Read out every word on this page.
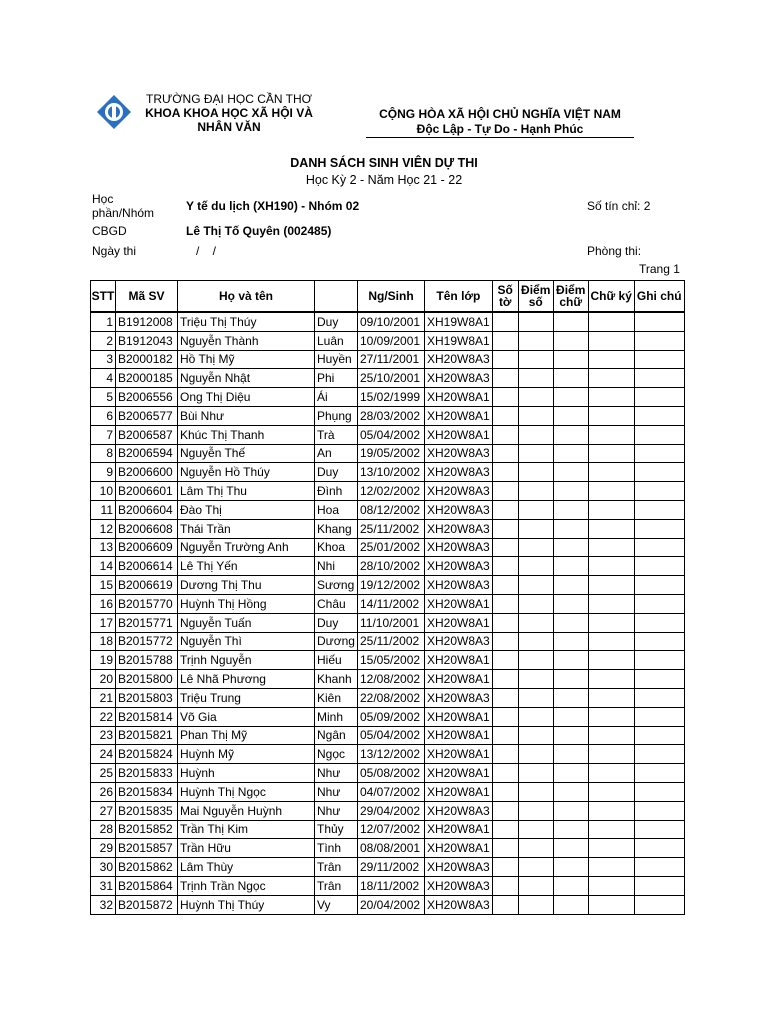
TRƯỜNG ĐẠI HỌC CẦN THƠ
KHOA KHOA HỌC XÃ HỘI VÀ
NHÂN VĂN
CỘNG HÒA XÃ HỘI CHỦ NGHĨA VIỆT NAM
Độc Lập - Tự Do - Hạnh Phúc
DANH SÁCH SINH VIÊN DỰ THI
Học Kỳ 2 - Năm Học 21 - 22
Học
phần/Nhóm	Y tế du lịch (XH190) - Nhóm 02	Số tín chỉ: 2
CBGD	Lê Thị Tố Quyên (002485)
Ngày thi	/    /	Phòng thi:
Trang 1
STT	Mã SV	Họ và tên		Ng/Sinh	Tên lớp	Số tờ	Điểm số	Điểm chữ	Chữ ký	Ghi chú
1	B1912008	Triệu Thị Thúy	Duy	09/10/2001	XH19W8A1					
2	B1912043	Nguyễn Thành	Luân	10/09/2001	XH19W8A1					
3	B2000182	Hồ Thị Mỹ	Huyền	27/11/2001	XH20W8A3					
4	B2000185	Nguyễn Nhật	Phi	25/10/2001	XH20W8A3					
5	B2006556	Ong Thị Diệu	Ái	15/02/1999	XH20W8A1					
6	B2006577	Bùi Như	Phụng	28/03/2002	XH20W8A1					
7	B2006587	Khúc Thị Thanh	Trà	05/04/2002	XH20W8A1					
8	B2006594	Nguyễn Thế	An	19/05/2002	XH20W8A3					
9	B2006600	Nguyễn Hồ Thúy	Duy	13/10/2002	XH20W8A3					
10	B2006601	Lâm Thị Thu	Đình	12/02/2002	XH20W8A3					
11	B2006604	Đào Thị	Hoa	08/12/2002	XH20W8A3					
12	B2006608	Thái Trần	Khang	25/11/2002	XH20W8A3					
13	B2006609	Nguyễn Trường Anh	Khoa	25/01/2002	XH20W8A3					
14	B2006614	Lê Thị Yến	Nhi	28/10/2002	XH20W8A3					
15	B2006619	Dương Thị Thu	Sương	19/12/2002	XH20W8A3					
16	B2015770	Huỳnh Thị Hồng	Châu	14/11/2002	XH20W8A1					
17	B2015771	Nguyễn Tuấn	Duy	11/10/2001	XH20W8A1					
18	B2015772	Nguyễn Thì	Dương	25/11/2002	XH20W8A3					
19	B2015788	Trịnh Nguyễn	Hiếu	15/05/2002	XH20W8A1					
20	B2015800	Lê Nhã Phương	Khanh	12/08/2002	XH20W8A1					
21	B2015803	Triệu Trung	Kiên	22/08/2002	XH20W8A3					
22	B2015814	Võ Gia	Minh	05/09/2002	XH20W8A1					
23	B2015821	Phan Thị Mỹ	Ngân	05/04/2002	XH20W8A1					
24	B2015824	Huỳnh Mỹ	Ngọc	13/12/2002	XH20W8A1					
25	B2015833	Huỳnh	Như	05/08/2002	XH20W8A1					
26	B2015834	Huỳnh Thị Ngọc	Như	04/07/2002	XH20W8A1					
27	B2015835	Mai Nguyễn Huỳnh	Như	29/04/2002	XH20W8A3					
28	B2015852	Trần Thị Kim	Thủy	12/07/2002	XH20W8A1					
29	B2015857	Trần Hữu	Tình	08/08/2001	XH20W8A1					
30	B2015862	Lâm Thùy	Trân	29/11/2002	XH20W8A3					
31	B2015864	Trịnh Trần Ngọc	Trân	18/11/2002	XH20W8A3					
32	B2015872	Huỳnh Thị Thúy	Vy	20/04/2002	XH20W8A3					
